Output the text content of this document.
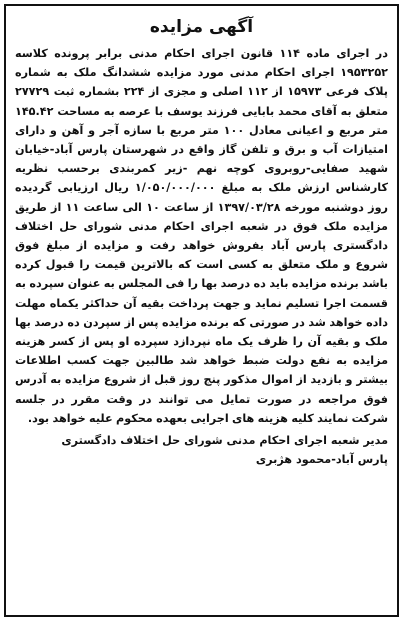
آگهی مزایده

در اجرای ماده ۱۱۴ قانون اجرای احکام مدنی برابر پرونده کلاسه ۱۹۵۳۲۵۲ اجرای احکام مدنی مورد مزایده ششدانگ ملک به شماره پلاک فرعی ۱۵۹۷۳ از ۱۱۲ اصلی و مجزی از ۲۲۴ بشماره ثبت ۲۷۷۲۹ متعلق به آقای محمد بابایی فرزند یوسف با عرصه به مساحت ۱۴۵.۴۲ متر مربع و اعیانی معادل ۱۰۰ متر مربع با سازه آجر و آهن و دارای امتیازات آب و برق و تلفن گاز واقع در شهرستان پارس آباد-خیابان شهید صفایی-روبروی کوچه نهم -زیر کمربندی برحسب نظریه کارشناس ارزش ملک به مبلغ ۱/۰۵۰/۰۰۰/۰۰۰ ریال ارزیابی گردیده روز دوشنبه مورخه ۱۳۹۷/۰۳/۲۸ از ساعت ۱۰ الی ساعت ۱۱ از طریق مزایده ملک فوق در شعبه اجرای احکام مدنی شورای حل اختلاف دادگستری پارس آباد بفروش خواهد رفت و مزایده از مبلغ فوق شروع و ملک متعلق به کسی است که بالاترین قیمت را قبول کرده باشد برنده مزایده باید ده درصد بها را فی المجلس به عنوان سپرده به قسمت اجرا تسلیم نماید و جهت پرداخت بقیه آن حداکثر یکماه مهلت داده خواهد شد در صورتی که برنده مزایده پس از سپردن ده درصد بها ملک و بقیه آن را ظرف یک ماه نپردازد سپرده او پس از کسر هزینه مزایده به نفع دولت ضبط خواهد شد طالبین جهت کسب اطلاعات بیشتر و بازدید از اموال مذکور پنج روز قبل از شروع مزایده به آدرس فوق مراجعه در صورت تمایل می توانند در وقت مقرر در جلسه شرکت نمایند کلیه هزینه های اجرایی بعهده محکوم علیه خواهد بود.

مدیر شعبه اجرای احکام مدنی شورای حل اختلاف دادگستری
پارس آباد-محمود هژبری
